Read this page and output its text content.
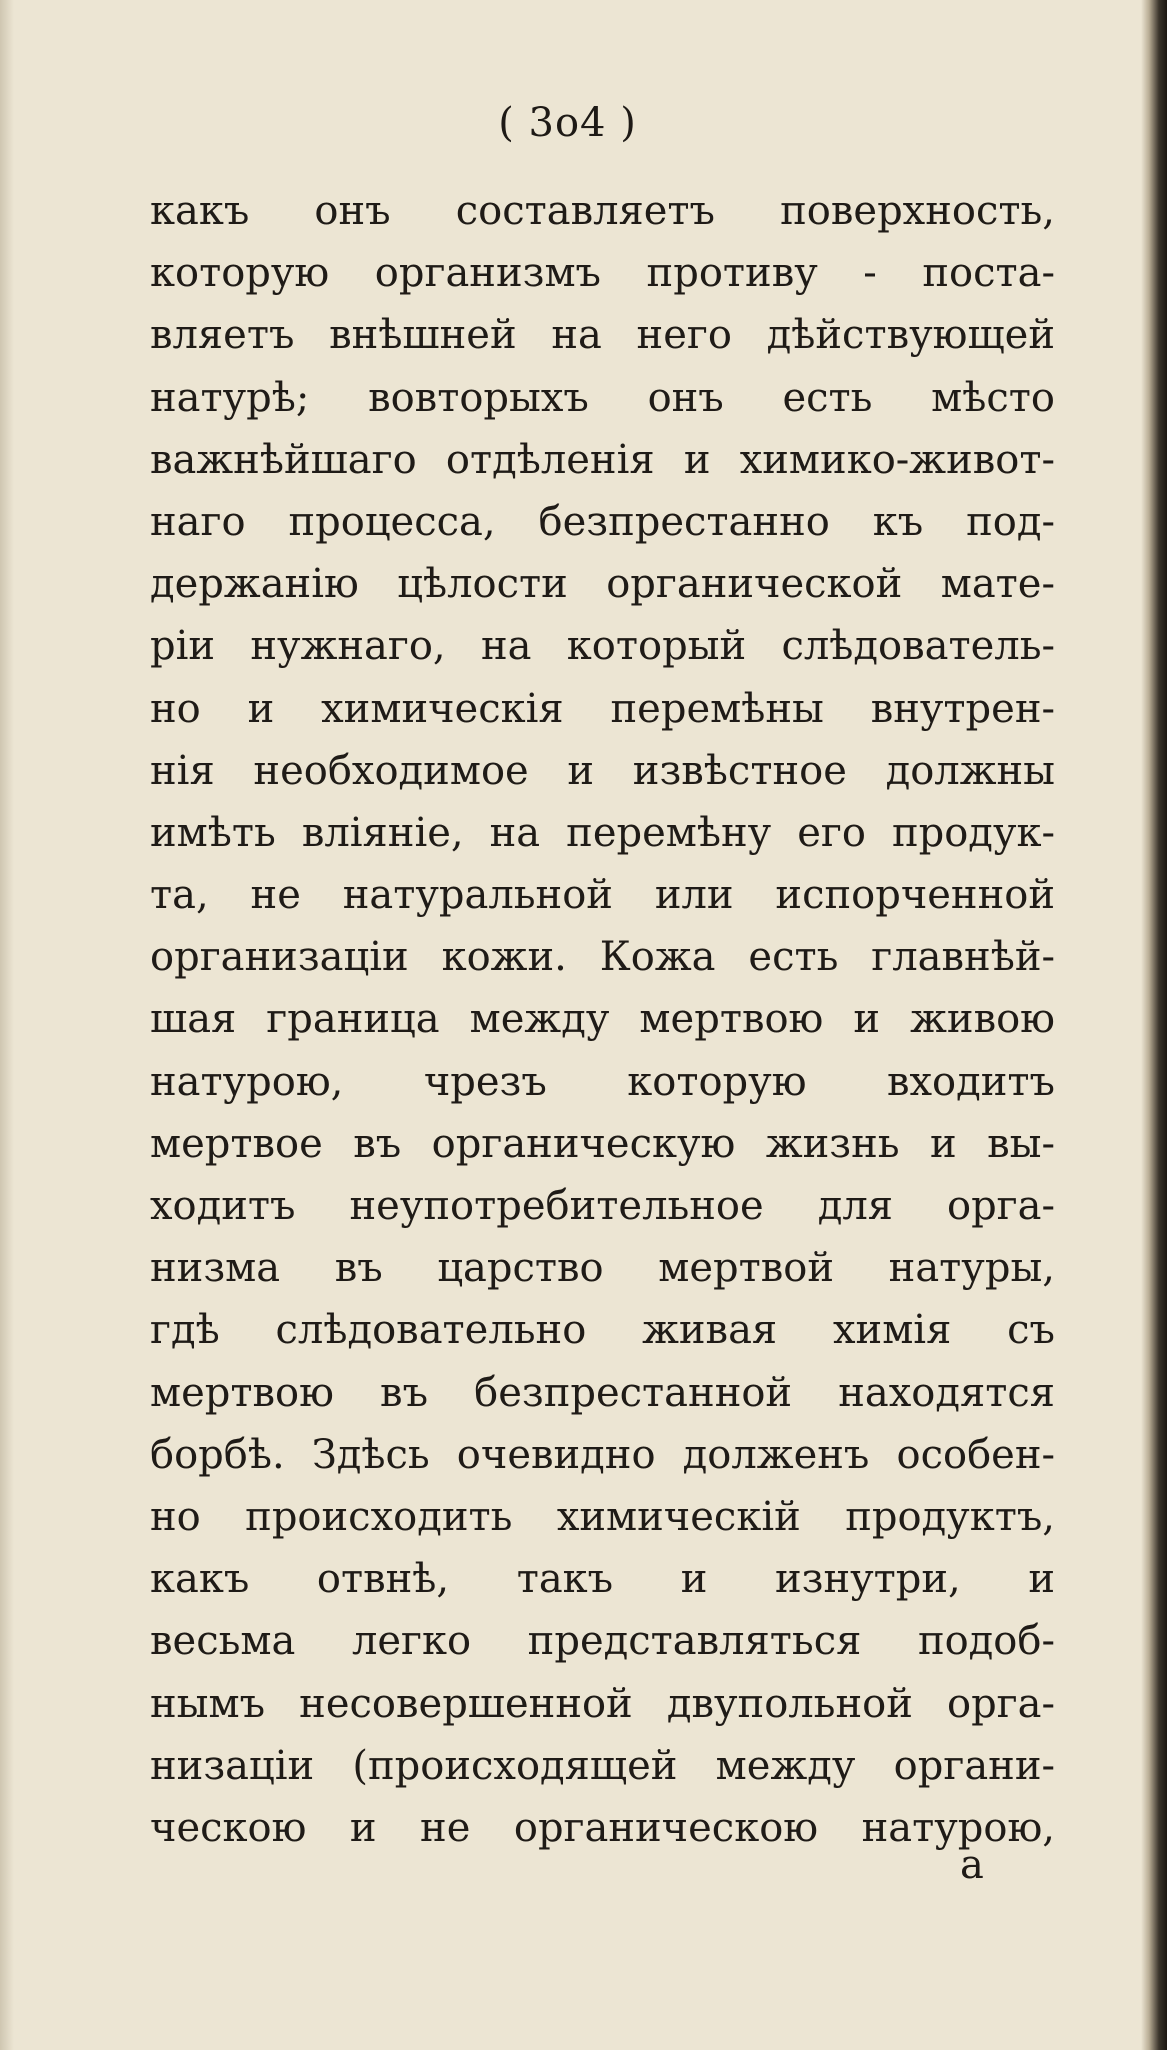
( 3о4 )
какъ онъ составляетъ поверхность,
которую организмъ противу - поста-
вляетъ внѣшней на него дѣйствующей
натурѣ; вовторыхъ онъ есть мѣсто
важнѣйшаго отдѣленія и химико-живот-
наго процесса, безпрестанно къ под-
держанію цѣлости органической мате-
ріи нужнаго, на который слѣдователь-
но и химическія перемѣны внутрен-
нія необходимое и извѣстное должны
имѣть вліяніе, на перемѣну его продук-
та, не натуральной или испорченной
организаціи кожи. Кожа есть главнѣй-
шая граница между мертвою и живою
натурою, чрезъ которую входитъ
мертвое въ органическую жизнь и вы-
ходитъ неупотребительное для орга-
низма въ царство мертвой натуры,
гдѣ слѣдовательно живая химія съ
мертвою въ безпрестанной находятся
борбѣ. Здѣсь очевидно долженъ особен-
но происходить химическій продуктъ,
какъ отвнѣ, такъ и изнутри, и
весьма легко представляться подоб-
нымъ несовершенной двупольной орга-
низаціи (происходящей между органи-
ческою и не органическою натурою,
а
